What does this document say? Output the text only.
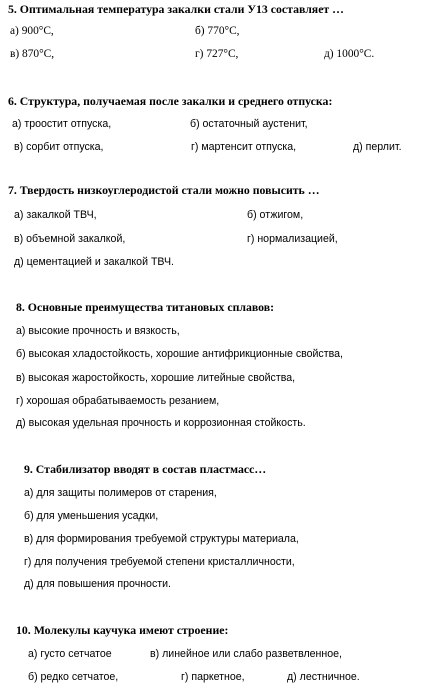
5. Оптимальная температура закалки стали У13 составляет …
а) 900°C,	б) 770°C,
в) 870°C,	г) 727°C,	д) 1000°C.
6. Структура, получаемая после закалки и среднего отпуска:
а) троостит отпуска,	б) остаточный аустенит,
в) сорбит отпуска,	г) мартенсит отпуска,	д) перлит.
7. Твердость низкоуглеродистой стали можно повысить …
а) закалкой ТВЧ,	б) отжигом,
в) объемной закалкой,	г) нормализацией,
д) цементацией и закалкой ТВЧ.
8. Основные преимущества титановых сплавов:
а) высокие прочность и вязкость,
б) высокая хладостойкость, хорошие антифрикционные свойства,
в) высокая жаростойкость, хорошие литейные свойства,
г) хорошая обрабатываемость резанием,
д) высокая удельная прочность и коррозионная стойкость.
9. Стабилизатор вводят в состав пластмасс…
а) для защиты полимеров от старения,
б) для уменьшения усадки,
в) для формирования требуемой структуры материала,
г) для получения требуемой степени кристалличности,
д) для повышения прочности.
10. Молекулы каучука имеют строение:
а) густо сетчатое	в) линейное или слабо разветвленное,
б) редко сетчатое,	г) паркетное,	д) лестничное.
